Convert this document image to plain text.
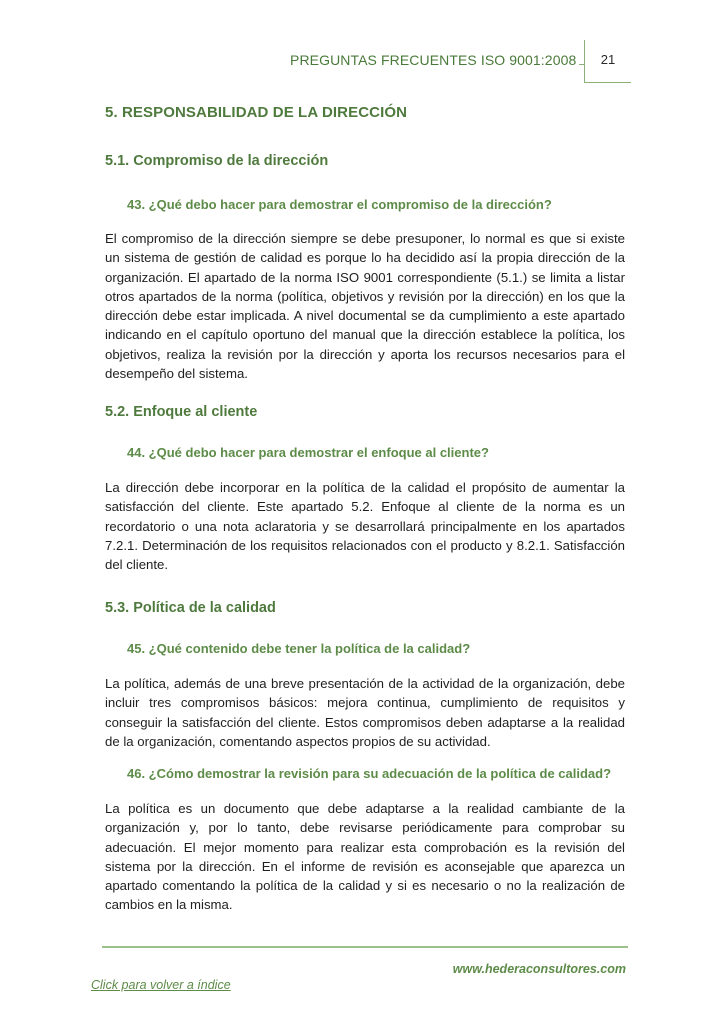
PREGUNTAS FRECUENTES ISO 9001:2008	21
5. RESPONSABILIDAD DE LA DIRECCIÓN
5.1. Compromiso de la dirección
43. ¿Qué debo hacer para demostrar el compromiso de la dirección?

El compromiso de la dirección siempre se debe presuponer, lo normal es que si existe un sistema de gestión de calidad es porque lo ha decidido así la propia dirección de la organización. El apartado de la norma ISO 9001 correspondiente (5.1.) se limita a listar otros apartados de la norma (política, objetivos y revisión por la dirección) en los que la dirección debe estar implicada. A nivel documental se da cumplimiento a este apartado indicando en el capítulo oportuno del manual que la dirección establece la política, los objetivos, realiza la revisión por la dirección y aporta los recursos necesarios para el desempeño del sistema.

5.2. Enfoque al cliente
44. ¿Qué debo hacer para demostrar el enfoque al cliente?

La dirección debe incorporar en la política de la calidad el propósito de aumentar la satisfacción del cliente. Este apartado 5.2. Enfoque al cliente de la norma es un recordatorio o una nota aclaratoria y se desarrollará principalmente en los apartados 7.2.1. Determinación de los requisitos relacionados con el producto y 8.2.1. Satisfacción del cliente.

5.3. Política de la calidad
45. ¿Qué contenido debe tener la política de la calidad?

La política, además de una breve presentación de la actividad de la organización, debe incluir tres compromisos básicos: mejora continua, cumplimiento de requisitos y conseguir la satisfacción del cliente. Estos compromisos deben adaptarse a la realidad de la organización, comentando aspectos propios de su actividad.

46. ¿Cómo demostrar la revisión para su adecuación de la política de calidad?

La política es un documento que debe adaptarse a la realidad cambiante de la organización y, por lo tanto, debe revisarse periódicamente para comprobar su adecuación. El mejor momento para realizar esta comprobación es la revisión del sistema por la dirección. En el informe de revisión es aconsejable que aparezca un apartado comentando la política de la calidad y si es necesario o no la realización de cambios en la misma.

www.hederaconsultores.com
Click para volver a índice
